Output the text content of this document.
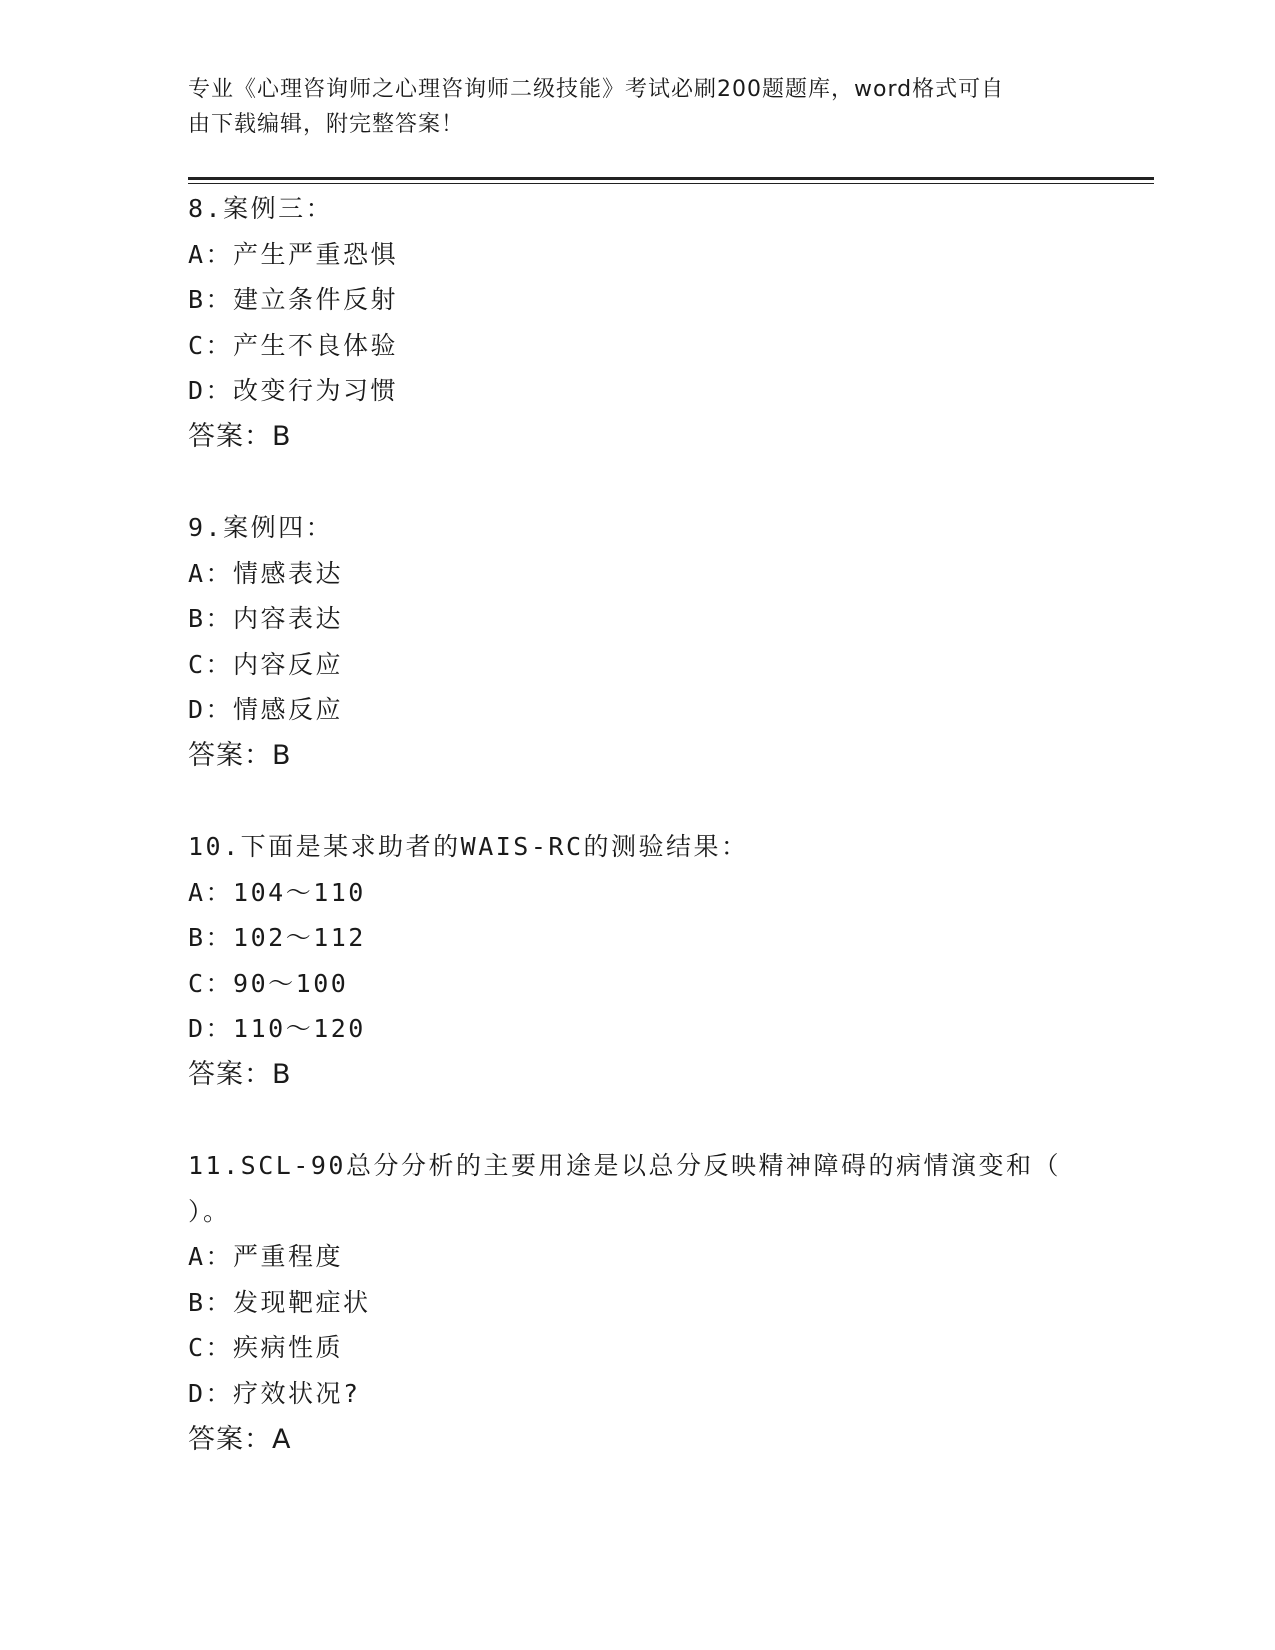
专业《心理咨询师之心理咨询师二级技能》考试必刷200题题库，word格式可自
由下载编辑，附完整答案！
8.案例三：
A：产生严重恐惧
B：建立条件反射
C：产生不良体验
D：改变行为习惯
答案：B
9.案例四：
A：情感表达
B：内容表达
C：内容反应
D：情感反应
答案：B
10.下面是某求助者的WAIS-RC的测验结果：
A：104～110
B：102～112
C：90～100
D：110～120
答案：B
11.SCL-90总分分析的主要用途是以总分反映精神障碍的病情演变和（
）。
A：严重程度
B：发现靶症状
C：疾病性质
D：疗效状况?
答案：A
